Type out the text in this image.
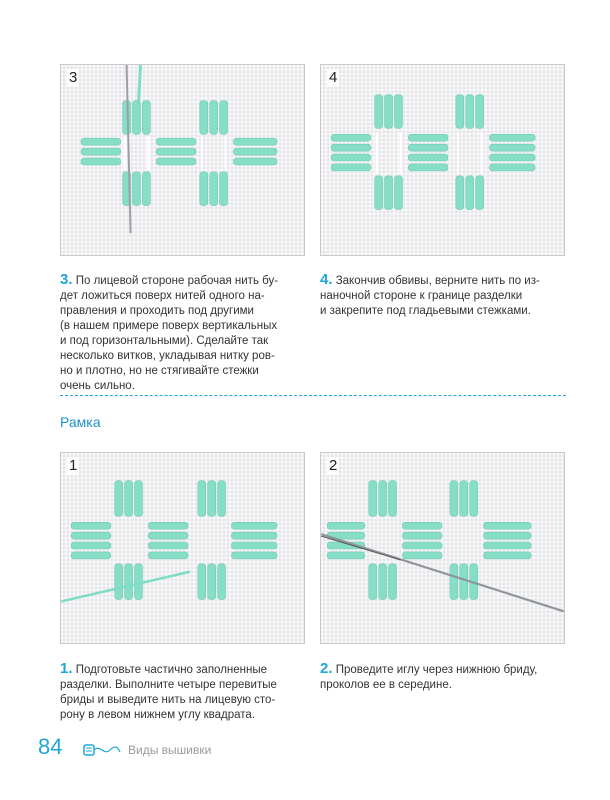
3	4

3. По лицевой стороне рабочая нить бу-

дет ложиться поверх нитей одного на-

правления и проходить под другими

(в нашем примере поверх вертикальных

и под горизонтальными). Сделайте так

несколько витков, укладывая нитку ров-

но и плотно, но не стягивайте стежки

очень сильно.

4. Закончив обвивы, верните нить по из-

наночной стороне к границе разделки

и закрепите под гладьевыми стежками.

Рамка
1	2

1. Подготовьте частично заполненные

разделки. Выполните четыре перевитые

бриды и выведите нить на лицевую сто-

рону в левом нижнем углу квадрата.

2. Проведите иглу через нижнюю бриду,

проколов ее в середине.

84	Виды вышивки
